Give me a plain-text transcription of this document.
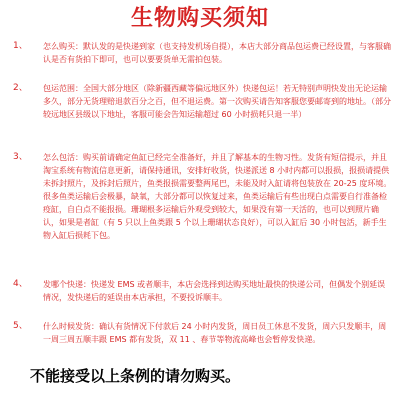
生物购买须知
1、 怎么购买：默认发的是快递到家（也支持发机场自提），本店大部分商品包运费已经设置，与客服确认是否有货拍下即可，也可以要要货单无需拍包装。
2、 包运范围：全国大部分地区（除新疆西藏等偏远地区外）快递包运！若无特别声明快发出无论运输多久，部分无货理赔退款百分之百，但不退运费。第一次购买请告知客服您要邮寄到的地址。（部分较远地区县级以下地址，客服可能会告知运输超过 60 小时损耗只退一半）
3、 怎么包活：购买前请确定鱼缸已经完全准备好，并且了解基本的生物习性。发货有短信提示，并且淘宝系统有物流信息更新，请保持通讯，安排好收货，快递派送 8 小时内都可以报损，报损请提供未拆封照片，及拆封后照片，鱼类报损需要整两尾巴，未能及时入缸请将包装放在 20-25 度环境。很多鱼类运输后会极暴，缺氧，大部分都可以恢复过来，鱼类运输后有些出现白点需要自行准备检疫缸，自白点不能报损。珊瑚根多运输后外观受到较大，如果没有第一天活的，也可以到照片确认，如果是者缸（有 5 只以上鱼类跟 5 个以上珊瑚状态良好），可以入缸后 30 小时包活，新手生物入缸后损耗下包。
4、 发哪个快递：快递发 EMS 或者顺丰，本店会选择到达购买地址最快的快递公司，但偶发个别延误情况，发快递后的延误由本店承担，不要投诉顺丰。
5、 什么时候发货：确认有货情况下付款后 24 小时内发货，周日员工休息不发货，周六只发顺丰，周一周三周五顺丰跟 EMS 都有发货，双 11 、春节等物流高峰也会暂停发快递。
不能接受以上条例的请勿购买。
